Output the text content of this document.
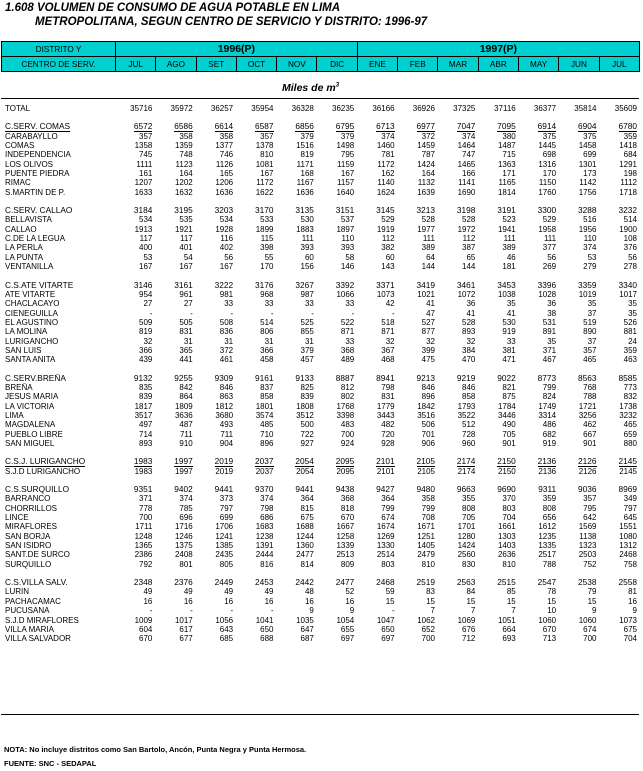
1.608 VOLUMEN DE CONSUMO DE AGUA POTABLE EN LIMA
METROPOLITANA, SEGUN CENTRO DE SERVICIO Y DISTRITO: 1996-97
DISTRITO Y	1996(P)						1997(P)						
CENTRO DE SERV.	JUL	AGO	SET	OCT	NOV	DIC	ENE	FEB	MAR	ABR	MAY	JUN	JUL
Miles de $m^3$
TOTAL	35716	35972	36257	35954	36328	36235	36166	36926	37325	37116	36377	35814	35609

C.SERV. COMAS	6572	6586	6614	6587	6856	6795	6713	6977	7047	7095	6914	6904	6780
CARABAYLLO	357	358	358	357	379	379	374	372	374	380	375	375	359
COMAS	1358	1359	1377	1378	1516	1498	1460	1459	1464	1487	1445	1458	1418
INDEPENDENCIA	745	748	746	810	819	795	781	787	747	715	698	699	684
LOS OLIVOS	1111	1123	1126	1081	1171	1159	1172	1424	1465	1363	1316	1301	1291
PUENTE PIEDRA	161	164	165	167	168	167	162	164	166	171	170	173	198
RIMAC	1207	1202	1206	1172	1167	1157	1140	1132	1141	1165	1150	1142	1112
S.MARTIN DE P.	1633	1632	1636	1622	1636	1640	1624	1639	1690	1814	1760	1756	1718

C.SERV. CALLAO	3184	3195	3203	3170	3135	3151	3145	3213	3198	3191	3300	3288	3232
BELLAVISTA	534	535	534	533	530	537	529	528	528	523	529	516	514
CALLAO	1913	1921	1928	1899	1883	1897	1919	1977	1972	1941	1958	1956	1900
C.DE LA LEGUA	117	117	116	115	111	110	112	111	112	111	111	110	108
LA PERLA	400	401	402	398	393	393	382	389	387	389	377	374	376
LA PUNTA	53	54	56	55	60	58	60	64	65	46	56	53	56
VENTANILLA	167	167	167	170	156	146	143	144	144	181	269	279	278

C.S.ATE VITARTE	3146	3161	3222	3176	3267	3392	3371	3419	3461	3453	3396	3359	3340
ATE VITARTE	954	961	981	968	987	1066	1073	1021	1072	1038	1028	1019	1017
CHACLACAYO	27	27	33	33	33	33	42	41	36	35	36	35	35
CIENEGUILLA	-	-	-	-	-	-	-	47	41	41	38	37	35
EL AGUSTINO	509	505	508	514	525	522	518	527	528	530	531	519	526
LA MOLINA	819	831	836	806	855	871	871	877	893	919	891	890	881
LURIGANCHO	32	31	31	31	31	33	32	32	32	33	35	37	24
SAN LUIS	366	365	372	366	379	368	367	399	384	381	371	357	359
SANTA ANITA	439	441	461	458	457	489	468	475	470	471	467	465	463

C.SERV.BREÑA	9132	9255	9309	9161	9133	8887	8941	9213	9219	9022	8773	8563	8585
BREÑA	835	842	846	837	825	812	798	846	846	821	799	768	773
JESUS MARIA	839	864	863	858	839	802	831	896	858	875	824	788	832
LA VICTORIA	1817	1809	1812	1801	1808	1768	1779	1842	1793	1784	1749	1721	1738
LIMA	3517	3636	3680	3574	3512	3398	3443	3516	3522	3446	3314	3256	3232
MAGDALENA	497	487	493	485	500	483	482	506	512	490	486	462	465
PUEBLO LIBRE	714	711	711	710	722	700	720	701	728	705	682	667	659
SAN MIGUEL	893	910	904	896	927	924	928	906	960	901	919	901	880

C.S.J. LURIGANCHO	1983	1997	2019	2037	2054	2095	2101	2105	2174	2150	2136	2126	2145
S.J.D LURIGANCHO	1983	1997	2019	2037	2054	2095	2101	2105	2174	2150	2136	2126	2145

C.S.SURQUILLO	9351	9402	9441	9370	9441	9438	9427	9480	9663	9690	9311	9036	8969
BARRANCO	371	374	373	374	364	368	364	358	355	370	359	357	349
CHORRILLOS	778	785	797	798	815	818	799	799	808	803	808	795	797
LINCE	700	696	699	686	675	670	674	708	705	704	656	642	645
MIRAFLORES	1711	1716	1706	1683	1688	1667	1674	1671	1701	1661	1612	1569	1551
SAN BORJA	1248	1246	1241	1238	1244	1258	1269	1251	1280	1303	1235	1138	1080
SAN ISIDRO	1365	1375	1385	1391	1360	1339	1330	1405	1424	1403	1335	1323	1312
SANT.DE SURCO	2386	2408	2435	2444	2477	2513	2514	2479	2560	2636	2517	2503	2468
SURQUILLO	792	801	805	816	814	809	803	810	830	810	788	752	758

C.S.VILLA SALV.	2348	2376	2449	2453	2442	2477	2468	2519	2563	2515	2547	2538	2558
LURIN	49	49	49	49	48	52	59	83	84	85	78	79	81
PACHACAMAC	16	16	16	16	16	16	15	15	15	15	15	15	16
PUCUSANA	-	-	-	-	9	9	-	7	7	7	10	9	9
S.J.D MIRAFLORES	1009	1017	1056	1041	1035	1054	1047	1062	1069	1051	1060	1060	1073
VILLA MARIA	604	617	643	650	647	655	650	652	676	664	670	674	675
VILLA SALVADOR	670	677	685	688	687	697	697	700	712	693	713	700	704
NOTA: No incluye distritos como San Bartolo, Ancón, Punta Negra y Punta Hermosa.
FUENTE: SNC - SEDAPAL
